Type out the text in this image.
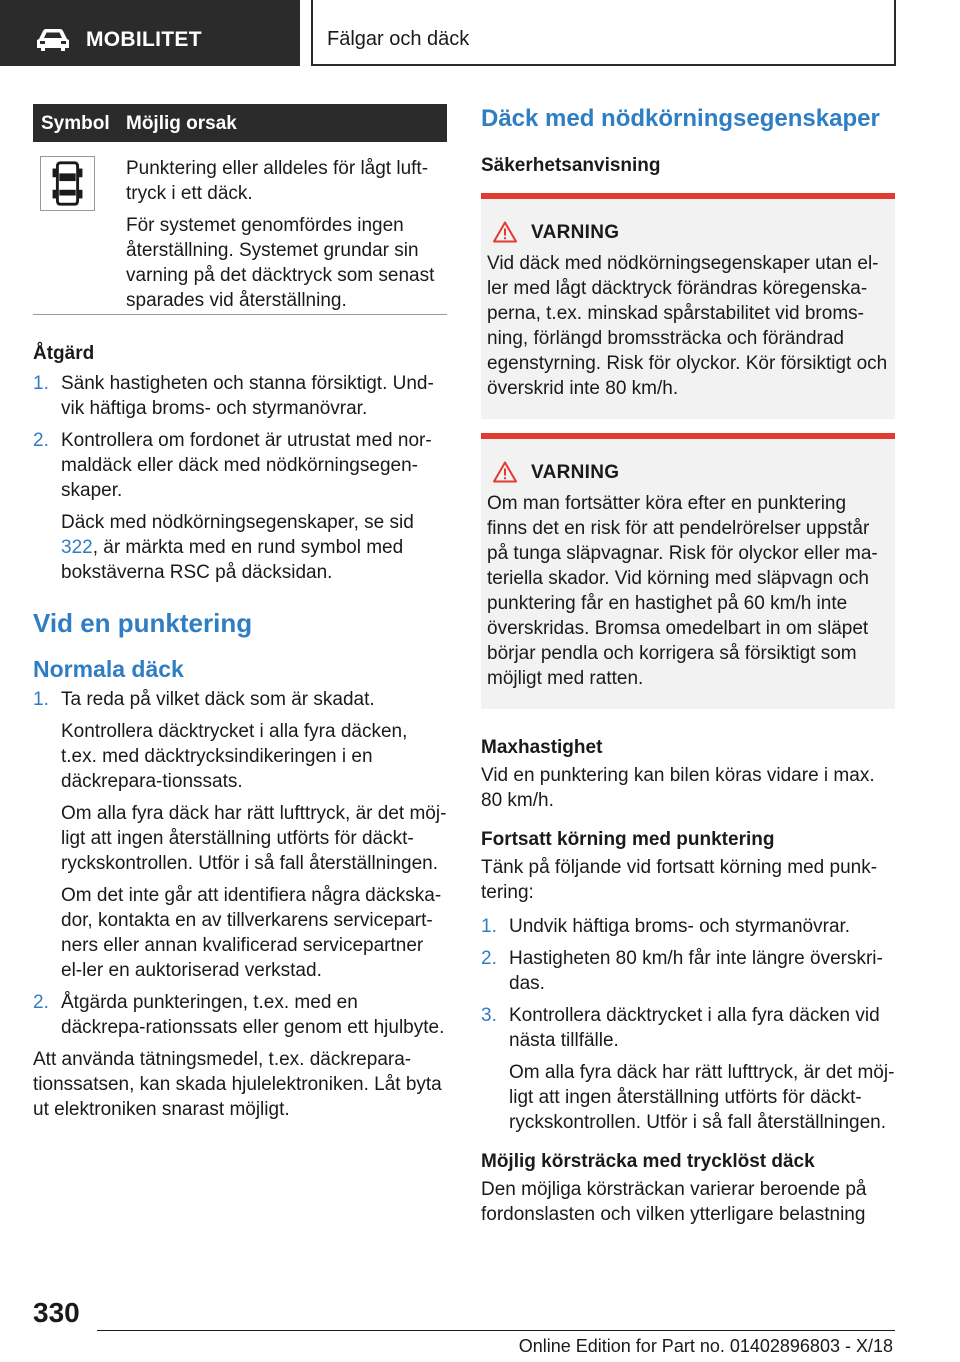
MOBILITET	Fälgar och däck
Symbol Möjlig orsak

Punktering eller alldeles för lågt luft-tryck i ett däck.

För systemet genomfördes ingen återställning. Systemet grundar sin varning på det däcktryck som senast sparades vid återställning.

Åtgärd
1. Sänk hastigheten och stanna försiktigt. Und-vik häftiga broms- och styrmanövrar.

2. Kontrollera om fordonet är utrustat med nor-maldäck eller däck med nödkörningsegen-skaper.

Däck med nödkörningsegenskaper, se sid 322, är märkta med en rund symbol med bokstäverna RSC på däcksidan.

Vid en punktering
Normala däck
1. Ta reda på vilket däck som är skadat.

Kontrollera däcktrycket i alla fyra däcken, t.ex. med däcktrycksindikeringen i en däckrepara-tionssats.

Om alla fyra däck har rätt lufttryck, är det möj-ligt att ingen återställning utförts för däckt-ryckskontrollen. Utför i så fall återställningen.

Om det inte går att identifiera några däckska-dor, kontakta en av tillverkarens servicepart-ners eller annan kvalificerad servicepartner el-ler en auktoriserad verkstad.

2. Åtgärda punkteringen, t.ex. med en däckrepa-rationssats eller genom ett hjulbyte.

Att använda tätningsmedel, t.ex. däckrepara-tionssatsen, kan skada hjulelektroniken. Låt byta ut elektroniken snarast möjligt.

Däck med nödkörningsegenskaper
Säkerhetsanvisning
VARNING

Vid däck med nödkörningsegenskaper utan el-ler med lågt däcktryck förändras köregenska-perna, t.ex. minskad spårstabilitet vid broms-ning, förlängd bromssträcka och förändrad egenstyrning. Risk för olyckor. Kör försiktigt och överskrid inte 80 km/h.

VARNING

Om man fortsätter köra efter en punktering finns det en risk för att pendelrörelser uppstår på tunga släpvagnar. Risk för olyckor eller ma-teriella skador. Vid körning med släpvagn och punktering får en hastighet på 60 km/h inte överskridas. Bromsa omedelbart in om släpet börjar pendla och korrigera så försiktigt som möjligt med ratten.

Maxhastighet

Vid en punktering kan bilen köras vidare i max. 80 km/h.

Fortsatt körning med punktering

Tänk på följande vid fortsatt körning med punk-tering:

1. Undvik häftiga broms- och styrmanövrar.

2. Hastigheten 80 km/h får inte längre överskri-das.

3. Kontrollera däcktrycket i alla fyra däcken vid nästa tillfälle.

Om alla fyra däck har rätt lufttryck, är det möj-ligt att ingen återställning utförts för däckt-ryckskontrollen. Utför i så fall återställningen.

Möjlig körsträcka med trycklöst däck

Den möjliga körsträckan varierar beroende på fordonslasten och vilken ytterligare belastning

330
Online Edition for Part no. 01402896803 - X/18
